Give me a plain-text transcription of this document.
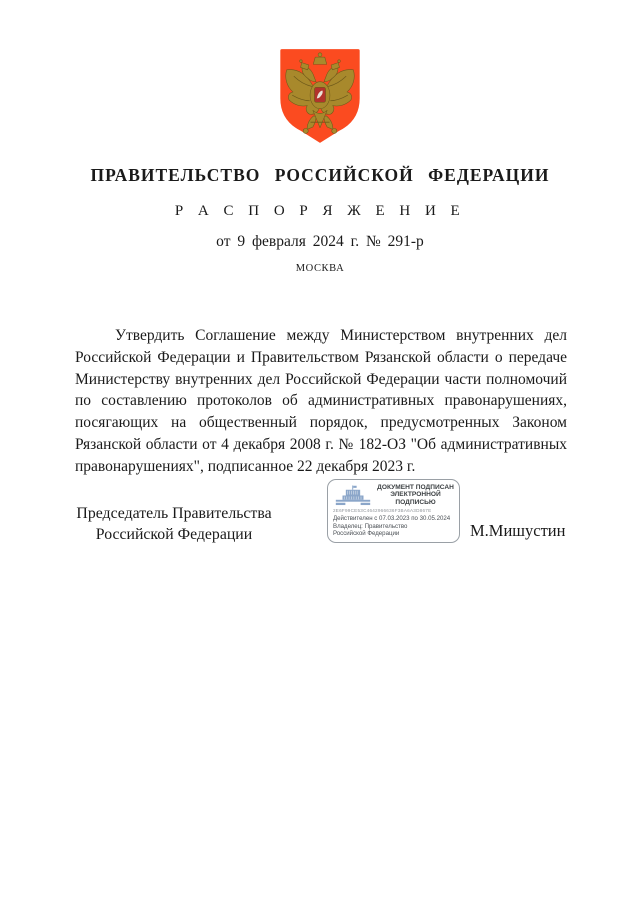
ПРАВИТЕЛЬСТВО РОССИЙСКОЙ ФЕДЕРАЦИИ
Р А С П О Р Я Ж Е Н И Е
от 9 февраля 2024 г. № 291-р
МОСКВА
Утвердить Соглашение между Министерством внутренних дел
Российской Федерации и Правительством Рязанской области о передаче
Министерству внутренних дел Российской Федерации части полномочий
по составлению протоколов об административных правонарушениях,
посягающих на общественный порядок, предусмотренных Законом
Рязанской области от 4 декабря 2008 г. № 182-ОЗ "Об административных
правонарушениях", подписанное 22 декабря 2023 г.
Председатель Правительства
Российской Федерации
ДОКУМЕНТ ПОДПИСАН
ЭЛЕКТРОННОЙ ПОДПИСЬЮ
2E6F99CE53C4642966636F3BA6A3D867E
Действителен с 07.03.2023 по 30.05.2024
Владелец: Правительство Российской Федерации	М.Мишустин
